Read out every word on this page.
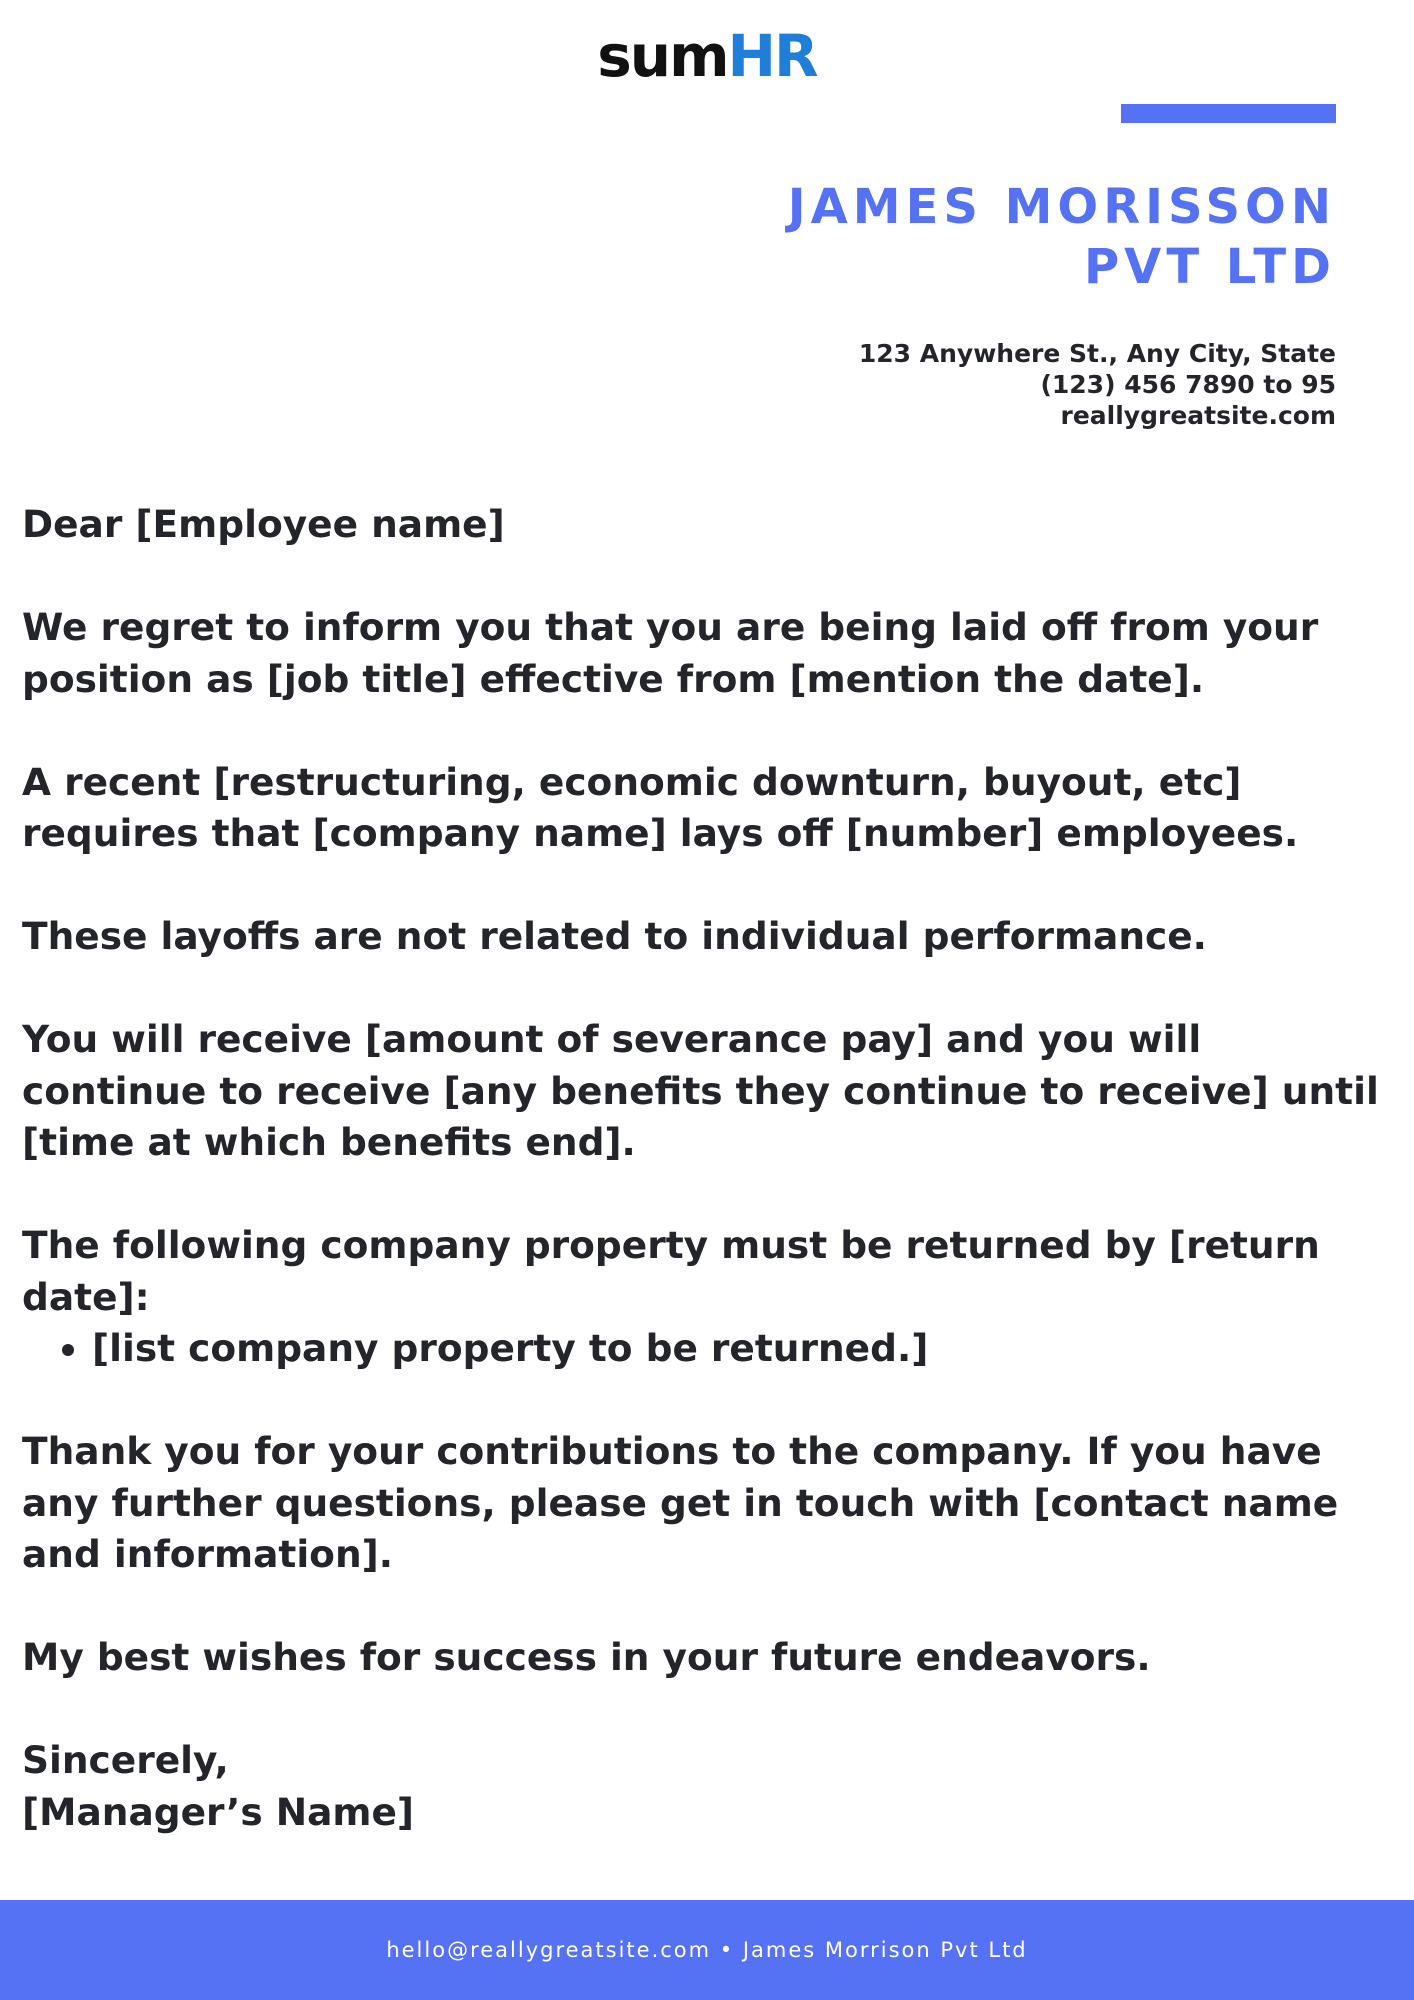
sumHR
JAMES MORISSON
PVT LTD
123 Anywhere St., Any City, State
(123) 456 7890 to 95
reallygreatsite.com

Dear [Employee name]

We regret to inform you that you are being laid off from your position as [job title] effective from [mention the date].

A recent [restructuring, economic downturn, buyout, etc] requires that [company name] lays off [number] employees.

These layoffs are not related to individual performance.

You will receive [amount of severance pay] and you will continue to receive [any benefits they continue to receive] until [time at which benefits end].

The following company property must be returned by [return date]:

• [list company property to be returned.]

Thank you for your contributions to the company. If you have any further questions, please get in touch with [contact name and information].

My best wishes for success in your future endeavors.

Sincerely,

[Manager’s Name]

hello@reallygreatsite.com • James Morrison Pvt Ltd
